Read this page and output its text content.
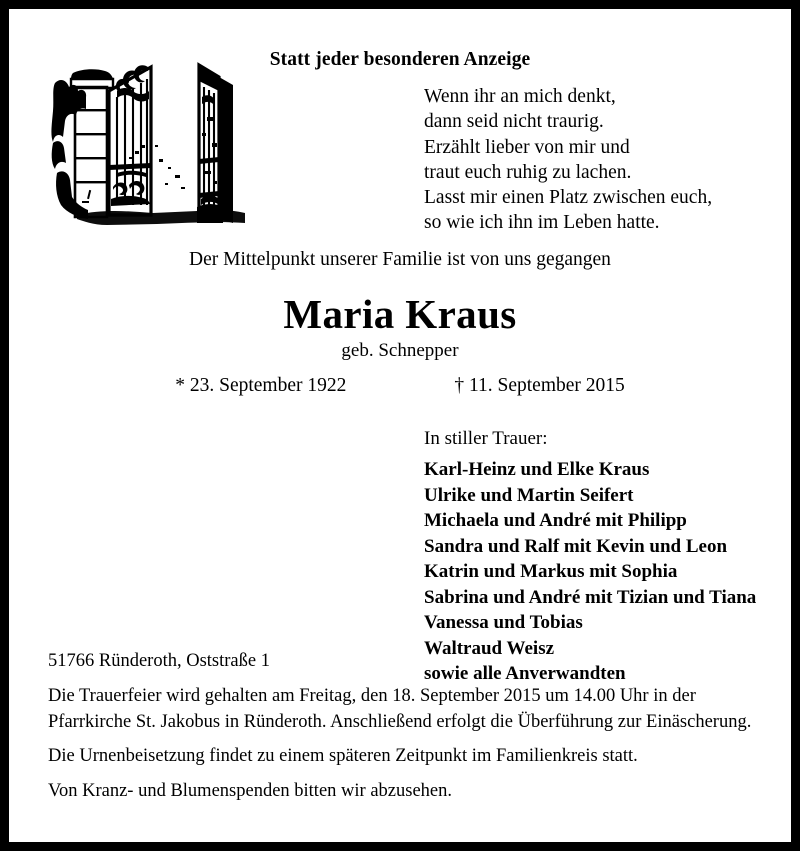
Statt jeder besonderen Anzeige
Wenn ihr an mich denkt,
dann seid nicht traurig.
Erzählt lieber von mir und
traut euch ruhig zu lachen.
Lasst mir einen Platz zwischen euch,
so wie ich ihn im Leben hatte.
Der Mittelpunkt unserer Familie ist von uns gegangen
Maria Kraus
geb. Schnepper
* 23. September 1922	† 11. September 2015
In stiller Trauer:
Karl-Heinz und Elke Kraus
Ulrike und Martin Seifert
Michaela und André mit Philipp
Sandra und Ralf mit Kevin und Leon
Katrin und Markus mit Sophia
Sabrina und André mit Tizian und Tiana
Vanessa und Tobias
Waltraud Weisz
sowie alle Anverwandten
51766 Ründeroth, Oststraße 1
Die Trauerfeier wird gehalten am Freitag, den 18. September 2015 um 14.00 Uhr in der Pfarrkirche St. Jakobus in Ründeroth. Anschließend erfolgt die Überführung zur Einäscherung.
Die Urnenbeisetzung findet zu einem späteren Zeitpunkt im Familienkreis statt.
Von Kranz- und Blumenspenden bitten wir abzusehen.
